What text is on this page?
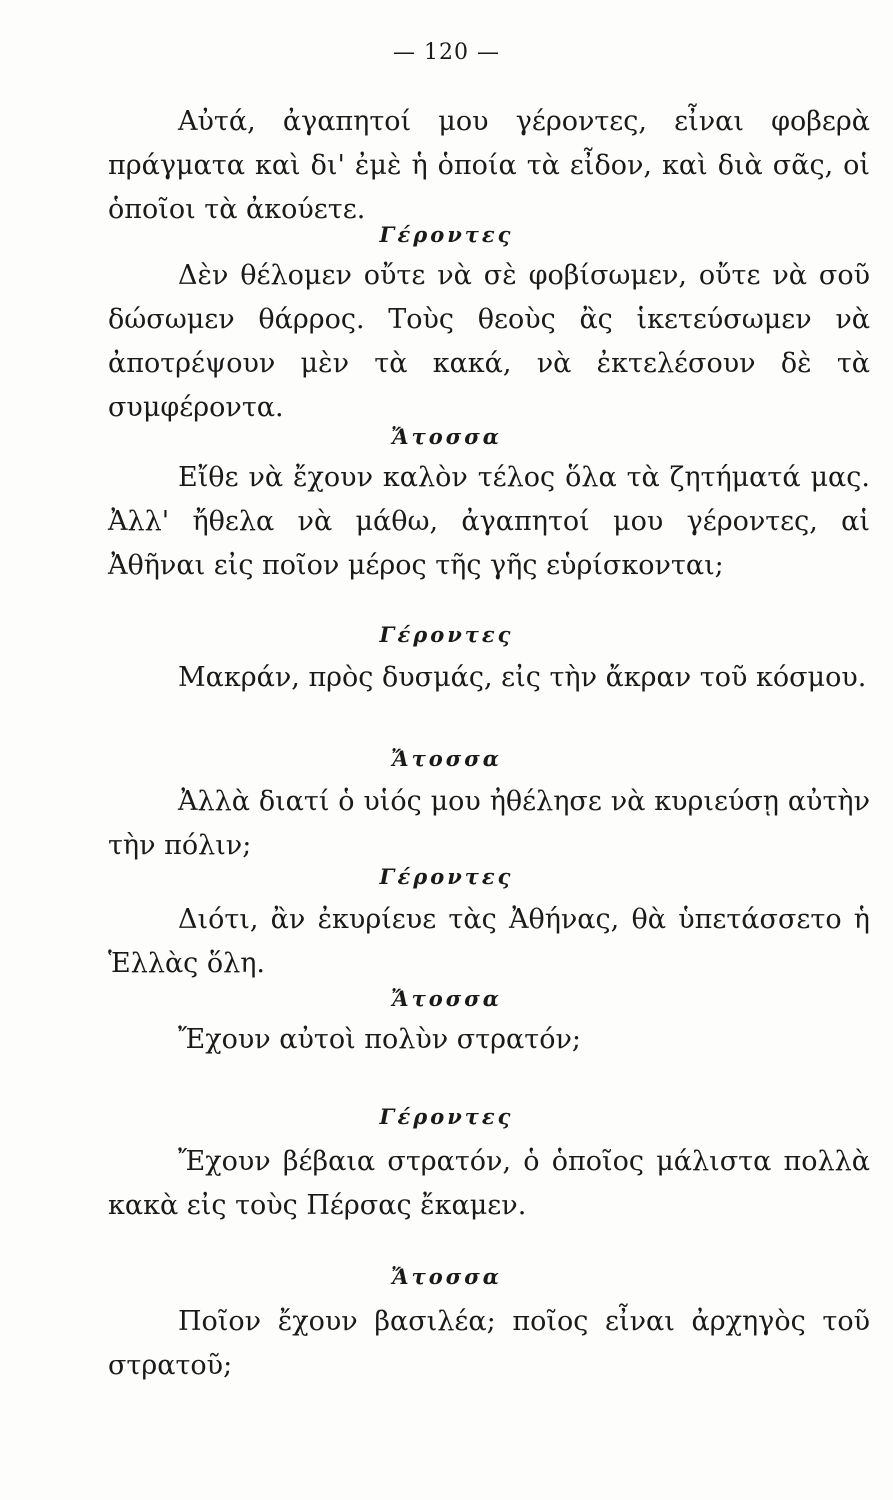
— 120 —
Αὐτά, ἀγαπητοί μου γέροντες, εἶναι φοβερὰ πράγματα καὶ δι' ἐμὲ ἡ ὁποία τὰ εἶδον, καὶ διὰ σᾶς, οἱ ὁποῖοι τὰ ἀκούετε.
Γέροντες
Δὲν θέλομεν οὔτε νὰ σὲ φοβίσωμεν, οὔτε νὰ σοῦ δώσωμεν θάρρος. Τοὺς θεοὺς ἂς ἱκετεύσωμεν νὰ ἀποτρέψουν μὲν τὰ κακά, νὰ ἐκτελέσουν δὲ τὰ συμφέροντα.
Ἄτοσσα
Εἴθε νὰ ἔχουν καλὸν τέλος ὅλα τὰ ζητήματά μας. Ἀλλ' ἤθελα νὰ μάθω, ἀγαπητοί μου γέροντες, αἱ Ἀθῆναι εἰς ποῖον μέρος τῆς γῆς εὑρίσκονται;
Γέροντες
Μακράν, πρὸς δυσμάς, εἰς τὴν ἄκραν τοῦ κόσμου.
Ἄτοσσα
Ἀλλὰ διατί ὁ υἱός μου ἠθέλησε νὰ κυριεύσῃ αὐτὴν τὴν πόλιν;
Γέροντες
Διότι, ἂν ἐκυρίευε τὰς Ἀθήνας, θὰ ὑπετάσσετο ἡ Ἑλλὰς ὅλη.
Ἄτοσσα
Ἔχουν αὐτοὶ πολὺν στρατόν;
Γέροντες
Ἔχουν βέβαια στρατόν, ὁ ὁποῖος μάλιστα πολλὰ κακὰ εἰς τοὺς Πέρσας ἔκαμεν.
Ἄτοσσα
Ποῖον ἔχουν βασιλέα; ποῖος εἶναι ἀρχηγὸς τοῦ στρατοῦ;
